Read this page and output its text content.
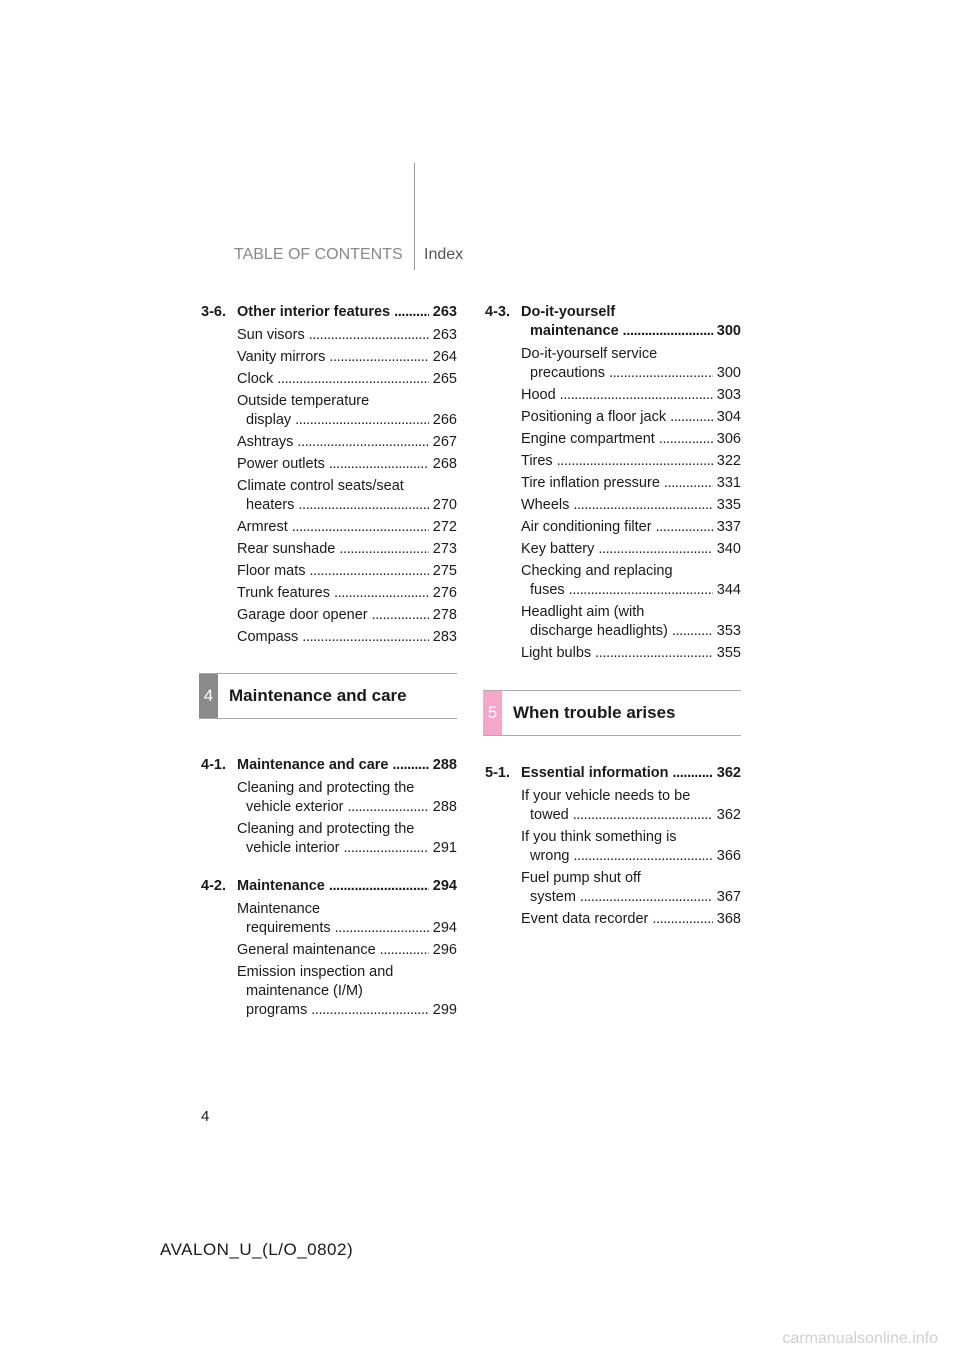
TABLE OF CONTENTS Index
3-6. Other interior features . . .	263
Sun visors . . .	263
Vanity mirrors . . .	264
Clock . . .	265
Outside temperature
display . . .	266
Ashtrays . . .	267
Power outlets . . .	268
Climate control seats/seat
heaters . . .	270
Armrest . . .	272
Rear sunshade . . .	273
Floor mats . . .	275
Trunk features . . .	276
Garage door opener . . .	278
Compass . . .	283
4-1. Maintenance and care . . .	288
Cleaning and protecting the
vehicle exterior . . .	288
Cleaning and protecting the
vehicle interior . . .	291
4-2. Maintenance . . .	294
Maintenance
requirements . . .	294
General maintenance . . .	296
Emission inspection and
maintenance (I/M)
programs . . .	299
4 Maintenance and care
4-3. Do-it-yourself
maintenance . . .	300
Do-it-yourself service
precautions . . .	300
Hood . . .	303
Positioning a floor jack . . .	304
Engine compartment . . .	306
Tires . . .	322
Tire inflation pressure . . .	331
Wheels . . .	335
Air conditioning filter . . .	337
Key battery . . .	340
Checking and replacing
fuses . . .	344
Headlight aim (with
discharge headlights) . . .	353
Light bulbs . . .	355
5-1. Essential information . . .	362
If your vehicle needs to be
towed . . .	362
If you think something is
wrong . . .	366
Fuel pump shut off
system . . .	367
Event data recorder . . .	368
5 When trouble arises
4
AVALON_U_(L/O_0802)
carmanualsonline.info
